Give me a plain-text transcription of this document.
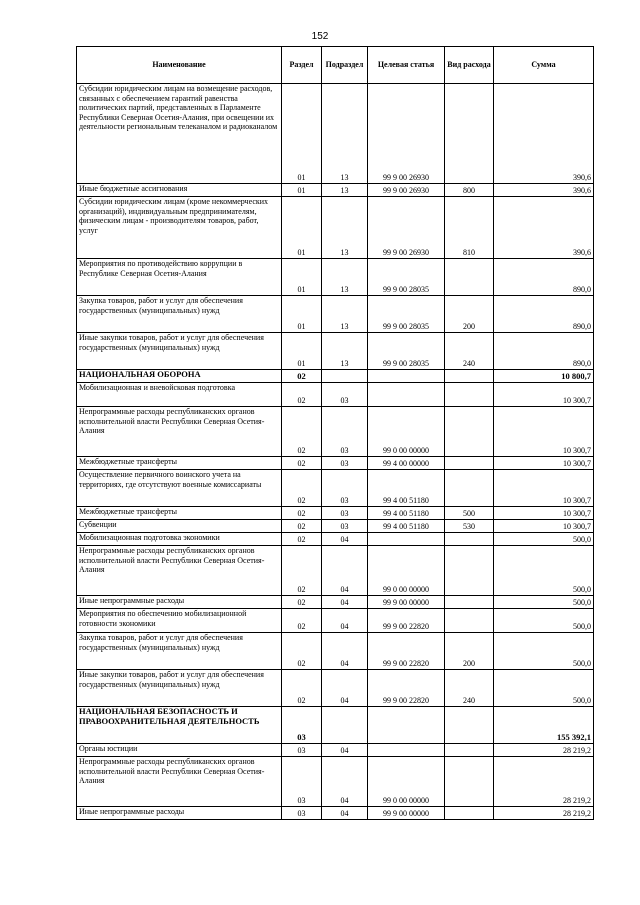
152
Наименование	Раздел	Подраздел	Целевая статья	Вид расхода	Сумма
Субсидии юридическим лицам на возмещение расходов, связанных с обеспечением гарантий равенства политических партий, представленных в Парламенте Республики Северная Осетия-Алания, при освещении их деятельности региональным телеканалом и радиоканалом	01	13	99 9 00 26930		390,6
Иные бюджетные ассигнования	01	13	99 9 00 26930	800	390,6
Субсидии юридическим лицам (кроме некоммерческих организаций), индивидуальным предпринимателям, физическим лицам - производителям товаров, работ, услуг	01	13	99 9 00 26930	810	390,6
Мероприятия по противодействию коррупции в Республике Северная Осетия-Алания	01	13	99 9 00 28035		890,0
Закупка товаров, работ и услуг для обеспечения государственных (муниципальных) нужд	01	13	99 9 00 28035	200	890,0
Иные закупки товаров, работ и услуг для обеспечения государственных (муниципальных) нужд	01	13	99 9 00 28035	240	890,0
НАЦИОНАЛЬНАЯ ОБОРОНА	02				10 800,7
Мобилизационная и вневойсковая подготовка	02	03			10 300,7
Непрограммные расходы республиканских органов исполнительной власти Республики Северная Осетия-Алания	02	03	99 0 00 00000		10 300,7
Межбюджетные трансферты	02	03	99 4 00 00000		10 300,7
Осуществление первичного воинского учета на территориях, где отсутствуют военные комиссариаты	02	03	99 4 00 51180		10 300,7
Межбюджетные трансферты	02	03	99 4 00 51180	500	10 300,7
Субвенции	02	03	99 4 00 51180	530	10 300,7
Мобилизационная подготовка экономики	02	04			500,0
Непрограммные расходы республиканских органов исполнительной власти Республики Северная Осетия-Алания	02	04	99 0 00 00000		500,0
Иные непрограммные расходы	02	04	99 9 00 00000		500,0
Мероприятия по обеспечению мобилизационной готовности экономики	02	04	99 9 00 22820		500,0
Закупка товаров, работ и услуг для обеспечения государственных (муниципальных) нужд	02	04	99 9 00 22820	200	500,0
Иные закупки товаров, работ и услуг для обеспечения государственных (муниципальных) нужд	02	04	99 9 00 22820	240	500,0
НАЦИОНАЛЬНАЯ БЕЗОПАСНОСТЬ И ПРАВООХРАНИТЕЛЬНАЯ ДЕЯТЕЛЬНОСТЬ	03				155 392,1
Органы юстиции	03	04			28 219,2
Непрограммные расходы республиканских органов исполнительной власти Республики Северная Осетия-Алания	03	04	99 0 00 00000		28 219,2
Иные непрограммные расходы	03	04	99 9 00 00000		28 219,2
